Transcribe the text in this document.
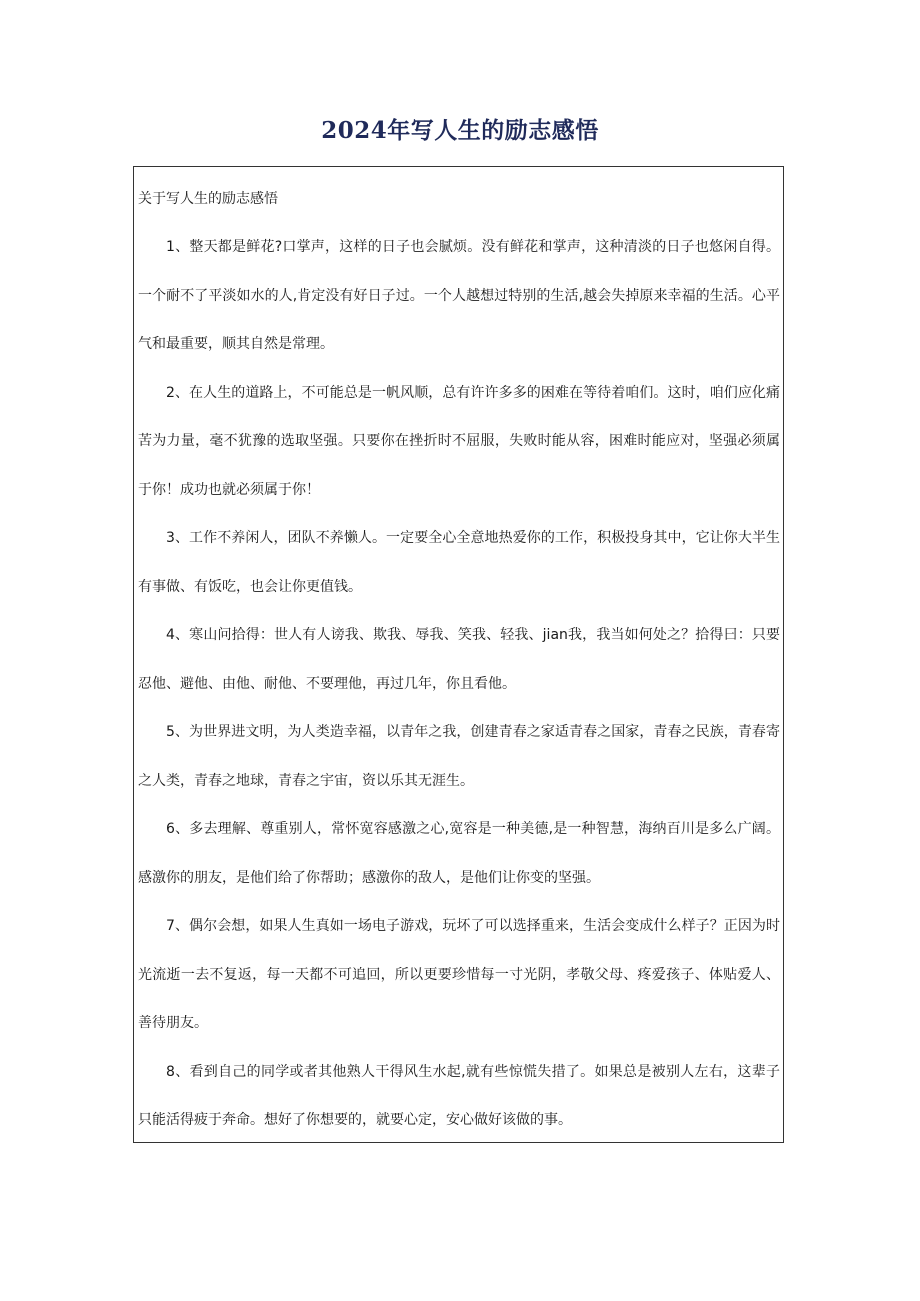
2024年写人生的励志感悟

关于写人生的励志感悟

1、整天都是鲜花?口掌声，这样的日子也会腻烦。没有鲜花和掌声，这种清淡的日子也悠闲自得。一个耐不了平淡如水的人,肯定没有好日子过。一个人越想过特别的生活,越会失掉原来幸福的生活。心平气和最重要，顺其自然是常理。

2、在人生的道路上，不可能总是一帆风顺，总有许许多多的困难在等待着咱们。这时，咱们应化痛苦为力量，毫不犹豫的选取坚强。只要你在挫折时不屈服，失败时能从容，困难时能应对，坚强必须属于你！成功也就必须属于你！

3、工作不养闲人，团队不养懒人。一定要全心全意地热爱你的工作，积极投身其中，它让你大半生有事做、有饭吃，也会让你更值钱。

4、寒山问拾得：世人有人谤我、欺我、辱我、笑我、轻我、jian我，我当如何处之？拾得曰：只要忍他、避他、由他、耐他、不要理他，再过几年，你且看他。

5、为世界进文明，为人类造幸福，以青年之我，创建青春之家适青春之国家，青春之民族，青春寄之人类，青春之地球，青春之宇宙，资以乐其无涯生。

6、多去理解、尊重别人，常怀宽容感激之心,宽容是一种美德,是一种智慧，海纳百川是多么广阔。感激你的朋友，是他们给了你帮助；感激你的敌人，是他们让你变的坚强。

7、偶尔会想，如果人生真如一场电子游戏，玩坏了可以选择重来，生活会变成什么样子？正因为时光流逝一去不复返，每一天都不可追回，所以更要珍惜每一寸光阴，孝敬父母、疼爱孩子、体贴爱人、善待朋友。

8、看到自己的同学或者其他熟人干得风生水起,就有些惊慌失措了。如果总是被别人左右，这辈子只能活得疲于奔命。想好了你想要的，就要心定，安心做好该做的事。
